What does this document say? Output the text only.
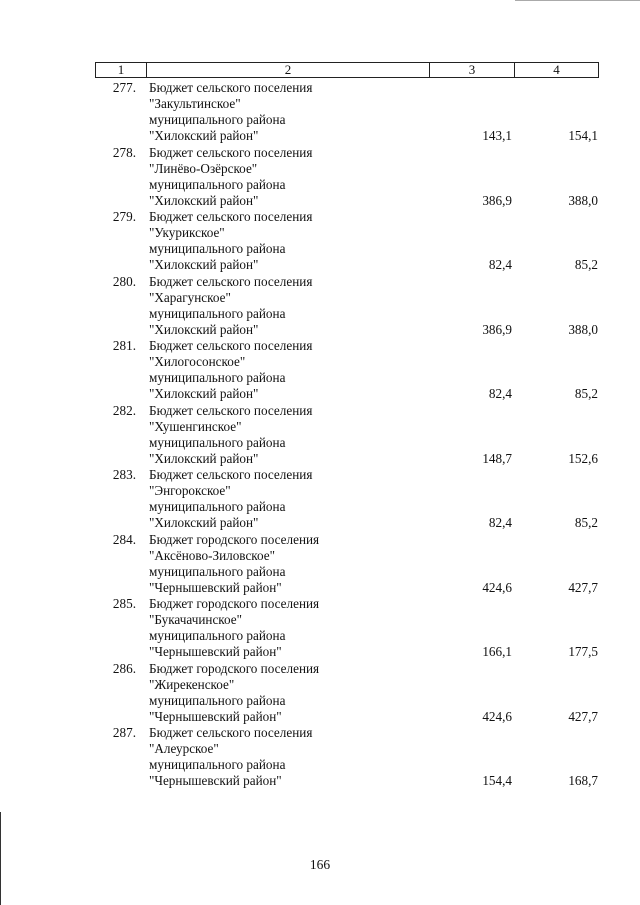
1	2	3	4
277. Бюджет сельского поселения
"Закультинское"
муниципального района
"Хилокский район"	143,1	154,1
278. Бюджет сельского поселения
"Линёво-Озёрское"
муниципального района
"Хилокский район"	386,9	388,0
279. Бюджет сельского поселения
"Укурикское"
муниципального района
"Хилокский район"	82,4	85,2
280. Бюджет сельского поселения
"Харагунское"
муниципального района
"Хилокский район"	386,9	388,0
281. Бюджет сельского поселения
"Хилогосонское"
муниципального района
"Хилокский район"	82,4	85,2
282. Бюджет сельского поселения
"Хушенгинское"
муниципального района
"Хилокский район"	148,7	152,6
283. Бюджет сельского поселения
"Энгорокское"
муниципального района
"Хилокский район"	82,4	85,2
284. Бюджет городского поселения
"Аксёново-Зиловское"
муниципального района
"Чернышевский район"	424,6	427,7
285. Бюджет городского поселения
"Букачачинское"
муниципального района
"Чернышевский район"	166,1	177,5
286. Бюджет городского поселения
"Жирекенское"
муниципального района
"Чернышевский район"	424,6	427,7
287. Бюджет сельского поселения
"Алеурское"
муниципального района
"Чернышевский район"	154,4	168,7
166
